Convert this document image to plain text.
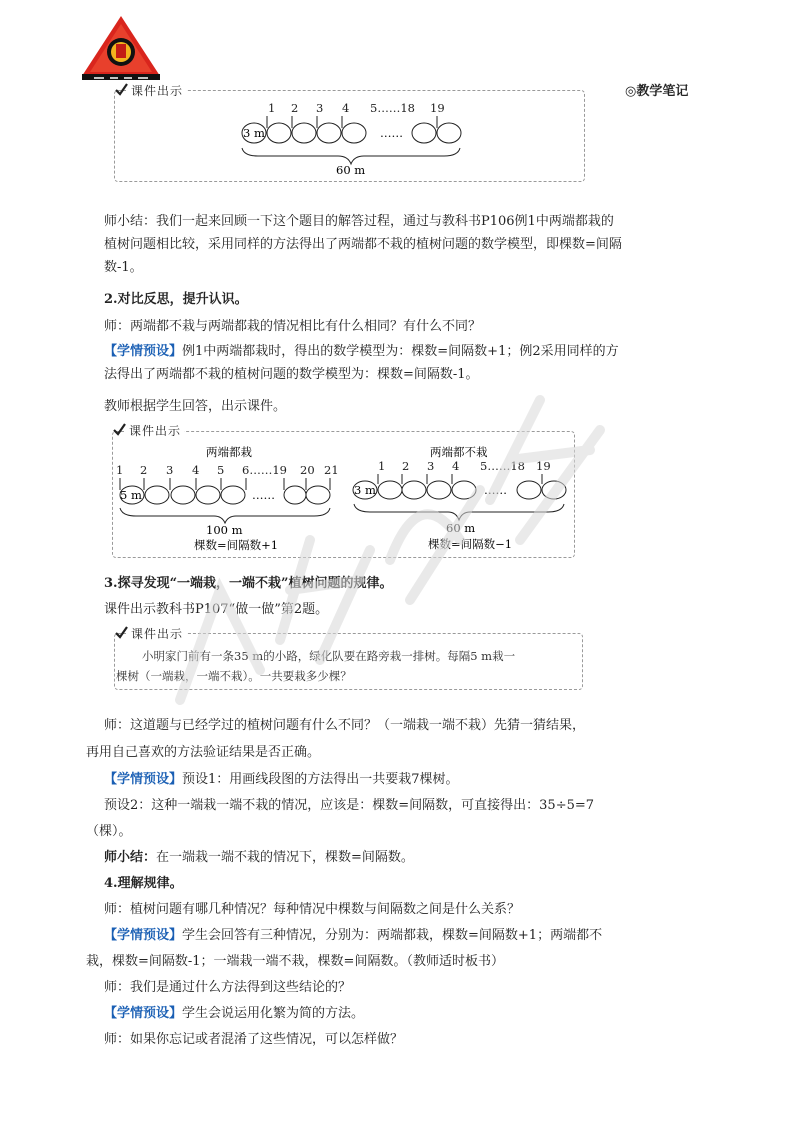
◎教学笔记
课件出示
1 2 3 4 5……18 19
3 m	……
60 m
师小结：我们一起来回顾一下这个题目的解答过程，通过与教科书P106例1中两端都栽的植树问题相比较，采用同样的方法得出了两端都不栽的植树问题的数学模型，即棵数=间隔数-1。
2.对比反思，提升认识。
师：两端都不栽与两端都栽的情况相比有什么相同？有什么不同？
【学情预设】例1中两端都栽时，得出的数学模型为：棵数=间隔数+1；例2采用同样的方法得出了两端都不栽的植树问题的数学模型为：棵数=间隔数-1。
教师根据学生回答，出示课件。
课件出示
两端都栽
1 2 3 4 5 6……19 20 21
5 m	……
100 m
棵数=间隔数+1
两端都不栽
1 2 3 4 5……18 19
3 m	……
60 m
棵数=间隔数−1
3.探寻发现“一端栽，一端不栽”植树问题的规律。
课件出示教科书P107“做一做”第2题。
课件出示
小明家门前有一条35 m的小路，绿化队要在路旁栽一排树。每隔5 m栽一
棵树（一端栽，一端不栽）。一共要栽多少棵？
师：这道题与已经学过的植树问题有什么不同？（一端栽一端不栽）先猜一猜结果，
再用自己喜欢的方法验证结果是否正确。
【学情预设】预设1：用画线段图的方法得出一共要栽7棵树。
预设2：这种一端栽一端不栽的情况，应该是：棵数=间隔数，可直接得出：35÷5=7
（棵）。
师小结：在一端栽一端不栽的情况下，棵数=间隔数。
4.理解规律。
师：植树问题有哪几种情况？每种情况中棵数与间隔数之间是什么关系？
【学情预设】学生会回答有三种情况，分别为：两端都栽，棵数=间隔数+1；两端都不
栽，棵数=间隔数-1；一端栽一端不栽，棵数=间隔数。（教师适时板书）
师：我们是通过什么方法得到这些结论的？
【学情预设】学生会说运用化繁为简的方法。
师：如果你忘记或者混淆了这些情况，可以怎样做？
